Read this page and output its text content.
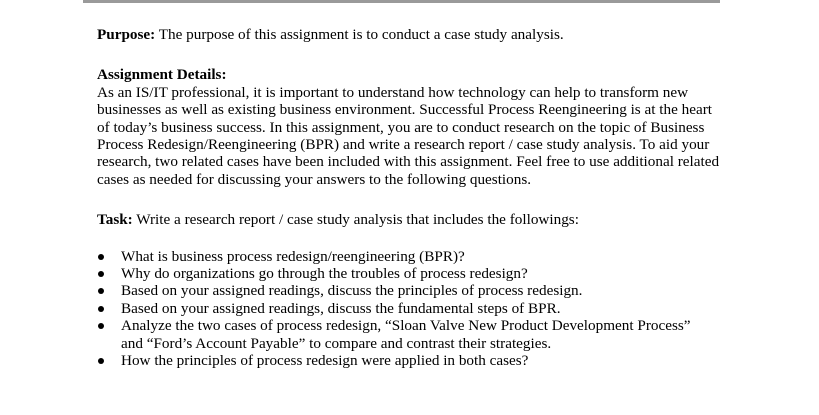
Purpose: The purpose of this assignment is to conduct a case study analysis.

Assignment Details:

As an IS/IT professional, it is important to understand how technology can help to transform new businesses as well as existing business environment. Successful Process Reengineering is at the heart of today’s business success. In this assignment, you are to conduct research on the topic of Business Process Redesign/Reengineering (BPR) and write a research report / case study analysis. To aid your research, two related cases have been included with this assignment. Feel free to use additional related cases as needed for discussing your answers to the following questions.

Task: Write a research report / case study analysis that includes the followings:

What is business process redesign/reengineering (BPR)?
Why do organizations go through the troubles of process redesign?
Based on your assigned readings, discuss the principles of process redesign.
Based on your assigned readings, discuss the fundamental steps of BPR.
Analyze the two cases of process redesign, “Sloan Valve New Product Development Process” and “Ford’s Account Payable” to compare and contrast their strategies.
How the principles of process redesign were applied in both cases?
